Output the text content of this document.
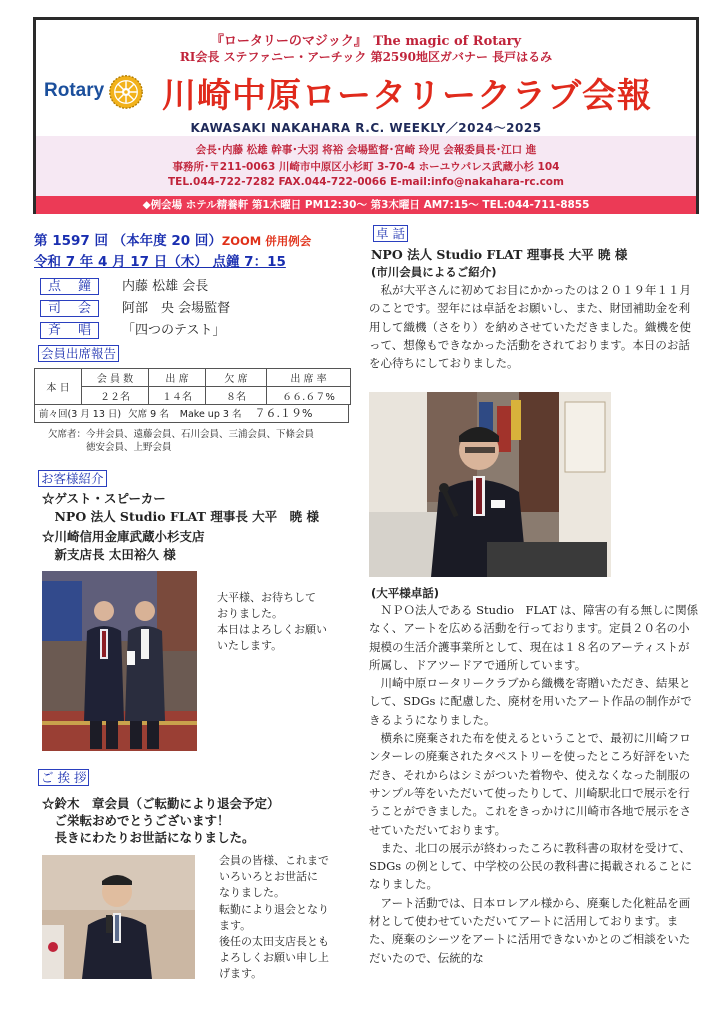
『ロータリーのマジック』　The magic of Rotary
RI会長 ステファニー・アーチック 第2590地区ガバナー 長戸はるみ
Rotary 川崎中原ロータリークラブ会報
KAWASAKI NAKAHARA R.C. WEEKLY／2024～2025
会長･内藤 松雄 幹事･大羽 将裕 会場監督･宮崎 玲児 会報委員長･江口 進
事務所･〒211-0063 川崎市中原区小杉町 3-70-4 ホーユウパレス武蔵小杉 104
TEL.044-722-7282 FAX.044-722-0066 E-mail:info@nakahara-rc.com
◆例会場 ホテル精養軒 第1木曜日 PM12:30～ 第3木曜日 AM7:15～ TEL:044-711-8855
第 1597 回 （本年度 20 回）ZOOM 併用例会
令和 7 年 4 月 17 日（木） 点鐘 7：15
点鐘	内藤 松雄 会長
司会	阿部　央 会場監督
斉唱	「四つのテスト」
会員出席報告
本 日	会 員 数	出 席	欠 席	出 席 率
	２２名	１４名	８名	６６.６７%
前々回(3 月 13 日) 欠席 9 名 Make up 3 名 ７６.１９%
欠席者：今井会員、遠藤会員、石川会員、三浦会員、下條会員
　　　　徳安会員、上野会員
お客様紹介
☆ゲスト・スピーカー
　NPO 法人 Studio FLAT 理事長 大平　暁 様
☆川崎信用金庫武蔵小杉支店
　新支店長 太田裕久 様
大平様、お待ちして
おりました。
本日はよろしくお願い
いたします。
ご 挨 拶
☆鈴木　章会員（ご転勤により退会予定）
　ご栄転おめでとうございます！
　長きにわたりお世話になりました。
会員の皆様、これまで
いろいろとお世話に
なりました。
転勤により退会となり
ます。
後任の太田支店長とも
よろしくお願い申し上
げます。
卓 話
NPO 法人 Studio FLAT 理事長 大平 暁 様
(市川会員によるご紹介)

私が大平さんに初めてお目にかかったのは２０１９年１１月のことです。翌年には卓話をお願いし、また、財団補助金を利用して織機（さをり）を納めさせていただきました。織機を使って、想像もできなかった活動をされております。本日のお話を心待ちにしておりました。

(大平様卓話)

ＮＰＯ法人である Studio　FLAT は、障害の有る無しに関係なく、アートを広める活動を行っております。定員２０名の小規模の生活介護事業所として、現在は１８名のアーティストが所属し、ドアツードアで通所しています。

川崎中原ロータリークラブから織機を寄贈いただき、結果として、SDGs に配慮した、廃材を用いたアート作品の制作ができるようになりました。

横糸に廃棄された布を使えるということで、最初に川崎フロンターレの廃棄されたタペストリーを使ったところ好評をいただき、それからはシミがついた着物や、使えなくなった制服のサンプル等をいただいて使ったりして、川崎駅北口で展示を行うことができました。これをきっかけに川崎市各地で展示をさせていただいております。

また、北口の展示が終わったころに教科書の取材を受けて、SDGs の例として、中学校の公民の教科書に掲載されることになりました。

アート活動では、日本ロレアル様から、廃棄した化粧品を画材として使わせていただいてアートに活用しております。また、廃棄のシーツをアートに活用できないかとのご相談をいただいたので、伝統的な
